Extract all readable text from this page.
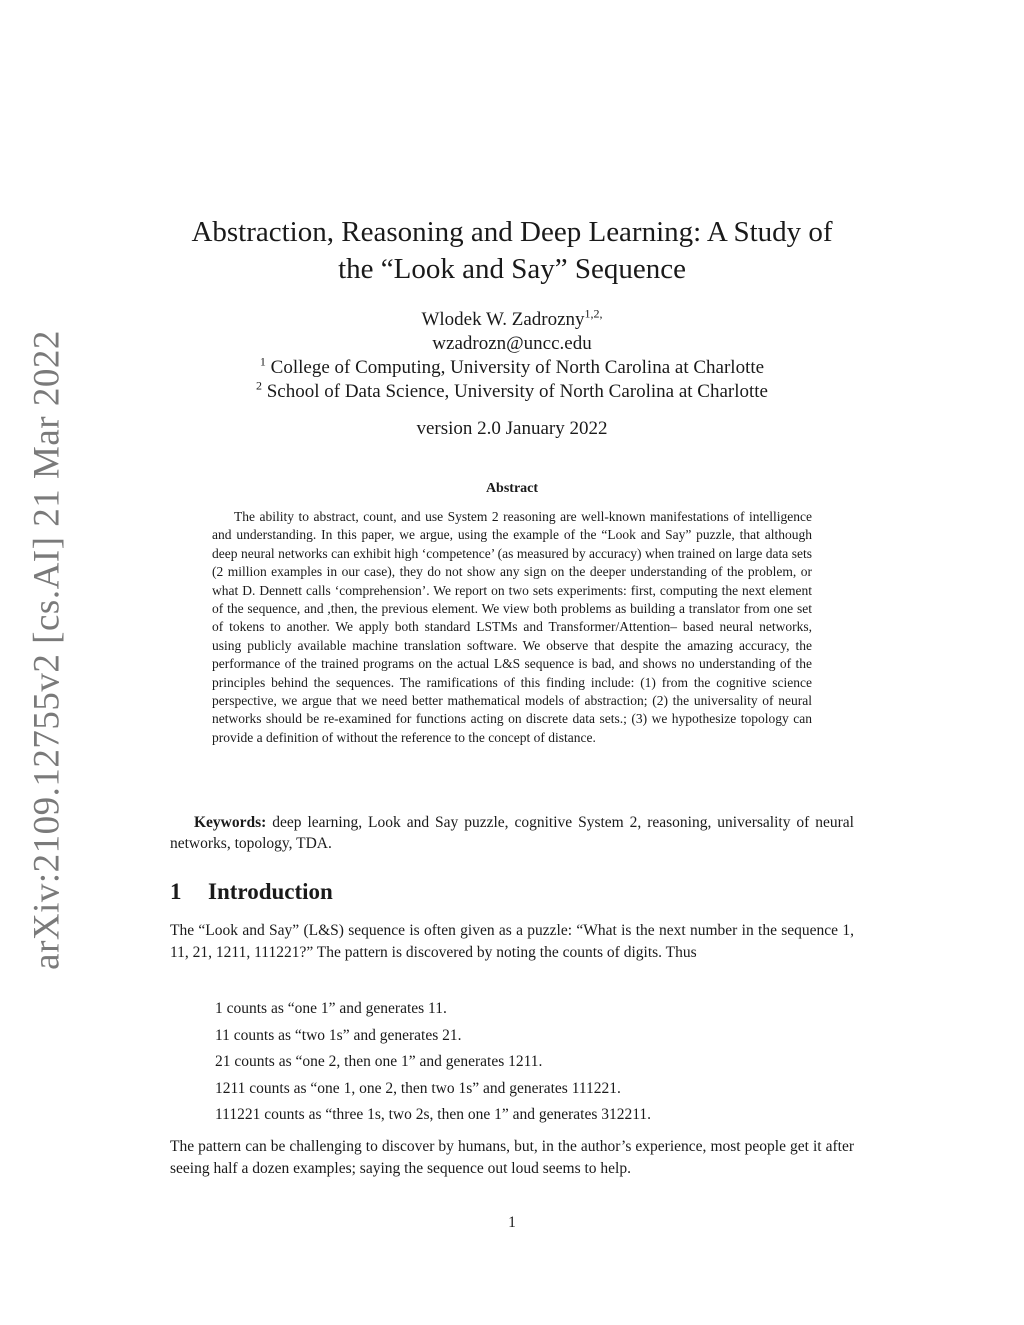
arXiv:2109.12755v2 [cs.AI] 21 Mar 2022
Abstraction, Reasoning and Deep Learning: A Study of
the “Look and Say” Sequence
Wlodek W. Zadrozny$^{1,2,}$
wzadrozn@uncc.edu
$^1$ College of Computing, University of North Carolina at Charlotte
$^2$ School of Data Science, University of North Carolina at Charlotte
version 2.0 January 2022
Abstract
The ability to abstract, count, and use System 2 reasoning are well-known manifestations of intelligence and understanding. In this paper, we argue, using the example of the “Look and Say” puzzle, that although deep neural networks can exhibit high ‘competence’ (as measured by accuracy) when trained on large data sets (2 million examples in our case), they do not show any sign on the deeper understanding of the problem, or what D. Dennett calls ‘comprehension’. We report on two sets experiments: first, computing the next element of the sequence, and ,then, the previous element. We view both problems as building a translator from one set of tokens to another. We apply both standard LSTMs and Transformer/Attention– based neural networks, using publicly available machine translation software. We observe that despite the amazing accuracy, the performance of the trained programs on the actual L&S sequence is bad, and shows no understanding of the principles behind the sequences. The ramifications of this finding include: (1) from the cognitive science perspective, we argue that we need better mathematical models of abstraction; (2) the universality of neural networks should be re-examined for functions acting on discrete data sets.; (3) we hypothesize topology can provide a definition of without the reference to the concept of distance.
Keywords: deep learning, Look and Say puzzle, cognitive System 2, reasoning, universality of neural networks, topology, TDA.
1 Introduction
The “Look and Say” (L&S) sequence is often given as a puzzle: “What is the next number in the sequence 1, 11, 21, 1211, 111221?” The pattern is discovered by noting the counts of digits. Thus
1 counts as “one 1” and generates 11.
11 counts as “two 1s” and generates 21.
21 counts as “one 2, then one 1” and generates 1211.
1211 counts as “one 1, one 2, then two 1s” and generates 111221.
111221 counts as “three 1s, two 2s, then one 1” and generates 312211.
The pattern can be challenging to discover by humans, but, in the author’s experience, most people get it after seeing half a dozen examples; saying the sequence out loud seems to help.
1
